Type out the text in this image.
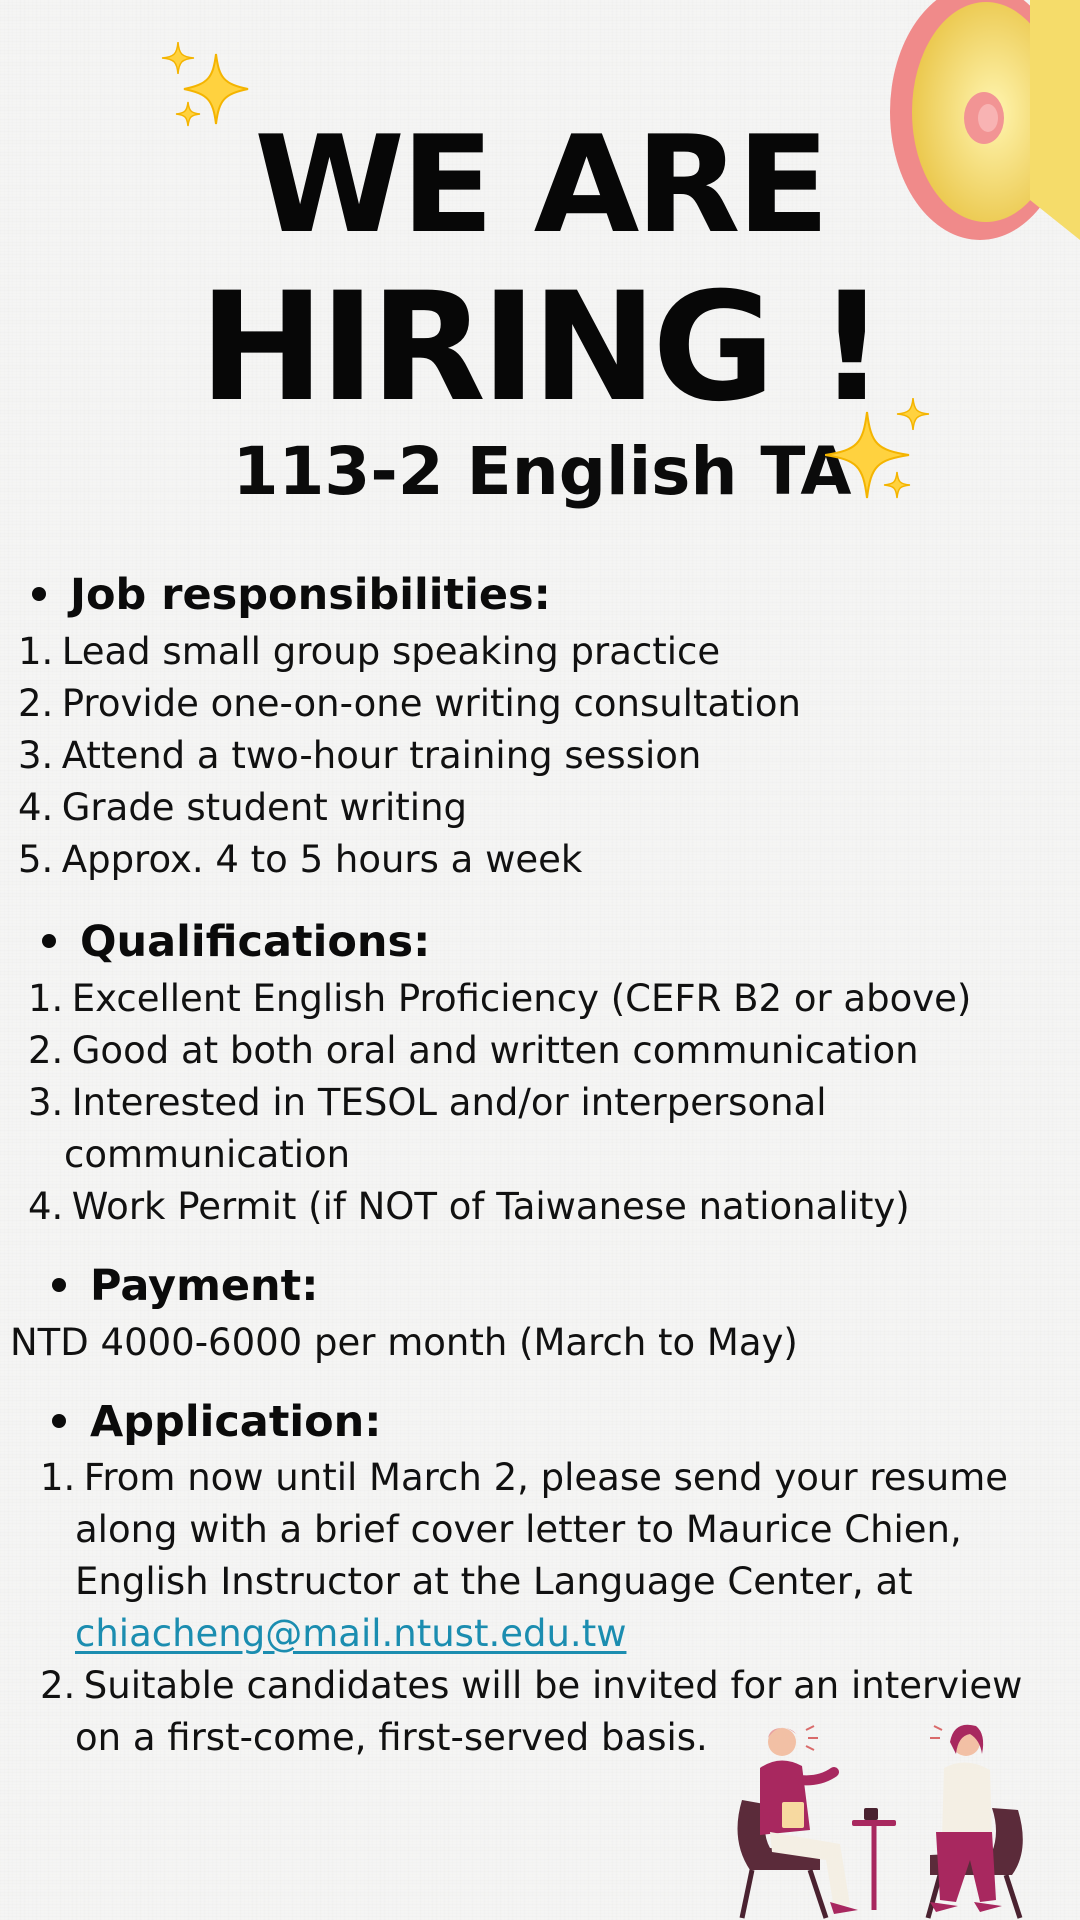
WE ARE
HIRING !
113-2 English TA
Job responsibilities:
1. Lead small group speaking practice
2. Provide one-on-one writing consultation
3. Attend a two-hour training session
4. Grade student writing
5. Approx. 4 to 5 hours a week
Qualifications:
1. Excellent English Proficiency (CEFR B2 or above)
2. Good at both oral and written communication
3. Interested in TESOL and/or interpersonal
communication
4. Work Permit (if NOT of Taiwanese nationality)
Payment:
NTD 4000-6000 per month (March to May)
Application:
1. From now until March 2, please send your resume
along with a brief cover letter to Maurice Chien,
English Instructor at the Language Center, at
chiacheng@mail.ntust.edu.tw
2. Suitable candidates will be invited for an interview
on a first-come, first-served basis.
